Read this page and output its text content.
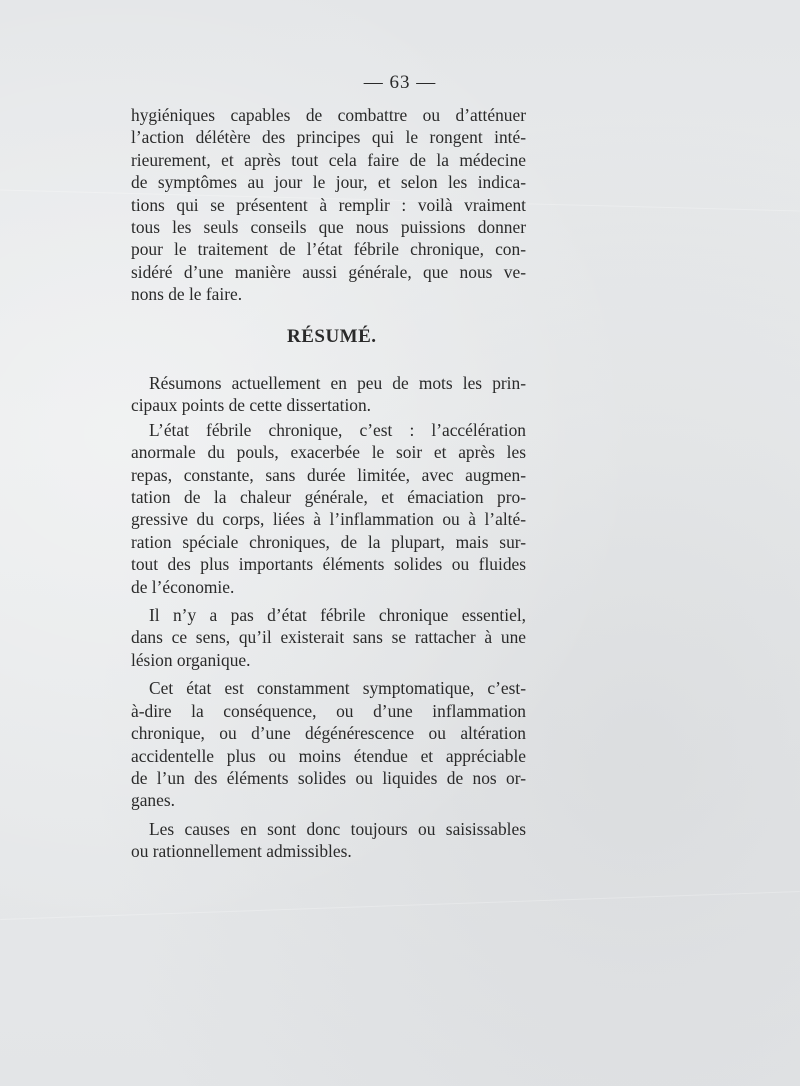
— 63 —
hygiéniques capables de combattre ou d’atténuer
l’action délétère des principes qui le rongent inté-
rieurement, et après tout cela faire de la médecine
de symptômes au jour le jour, et selon les indica-
tions qui se présentent à remplir : voilà vraiment
tous les seuls conseils que nous puissions donner
pour le traitement de l’état fébrile chronique, con-
sidéré d’une manière aussi générale, que nous ve-
nons de le faire.
RÉSUMÉ.
Résumons actuellement en peu de mots les prin-
cipaux points de cette dissertation.
L’état fébrile chronique, c’est : l’accélération
anormale du pouls, exacerbée le soir et après les
repas, constante, sans durée limitée, avec augmen-
tation de la chaleur générale, et émaciation pro-
gressive du corps, liées à l’inflammation ou à l’alté-
ration spéciale chroniques, de la plupart, mais sur-
tout des plus importants éléments solides ou fluides
de l’économie.
Il n’y a pas d’état fébrile chronique essentiel,
dans ce sens, qu’il existerait sans se rattacher à une
lésion organique.
Cet état est constamment symptomatique, c’est-
à-dire la conséquence, ou d’une inflammation
chronique, ou d’une dégénérescence ou altération
accidentelle plus ou moins étendue et appréciable
de l’un des éléments solides ou liquides de nos or-
ganes.
Les causes en sont donc toujours ou saisissables
ou rationnellement admissibles.
